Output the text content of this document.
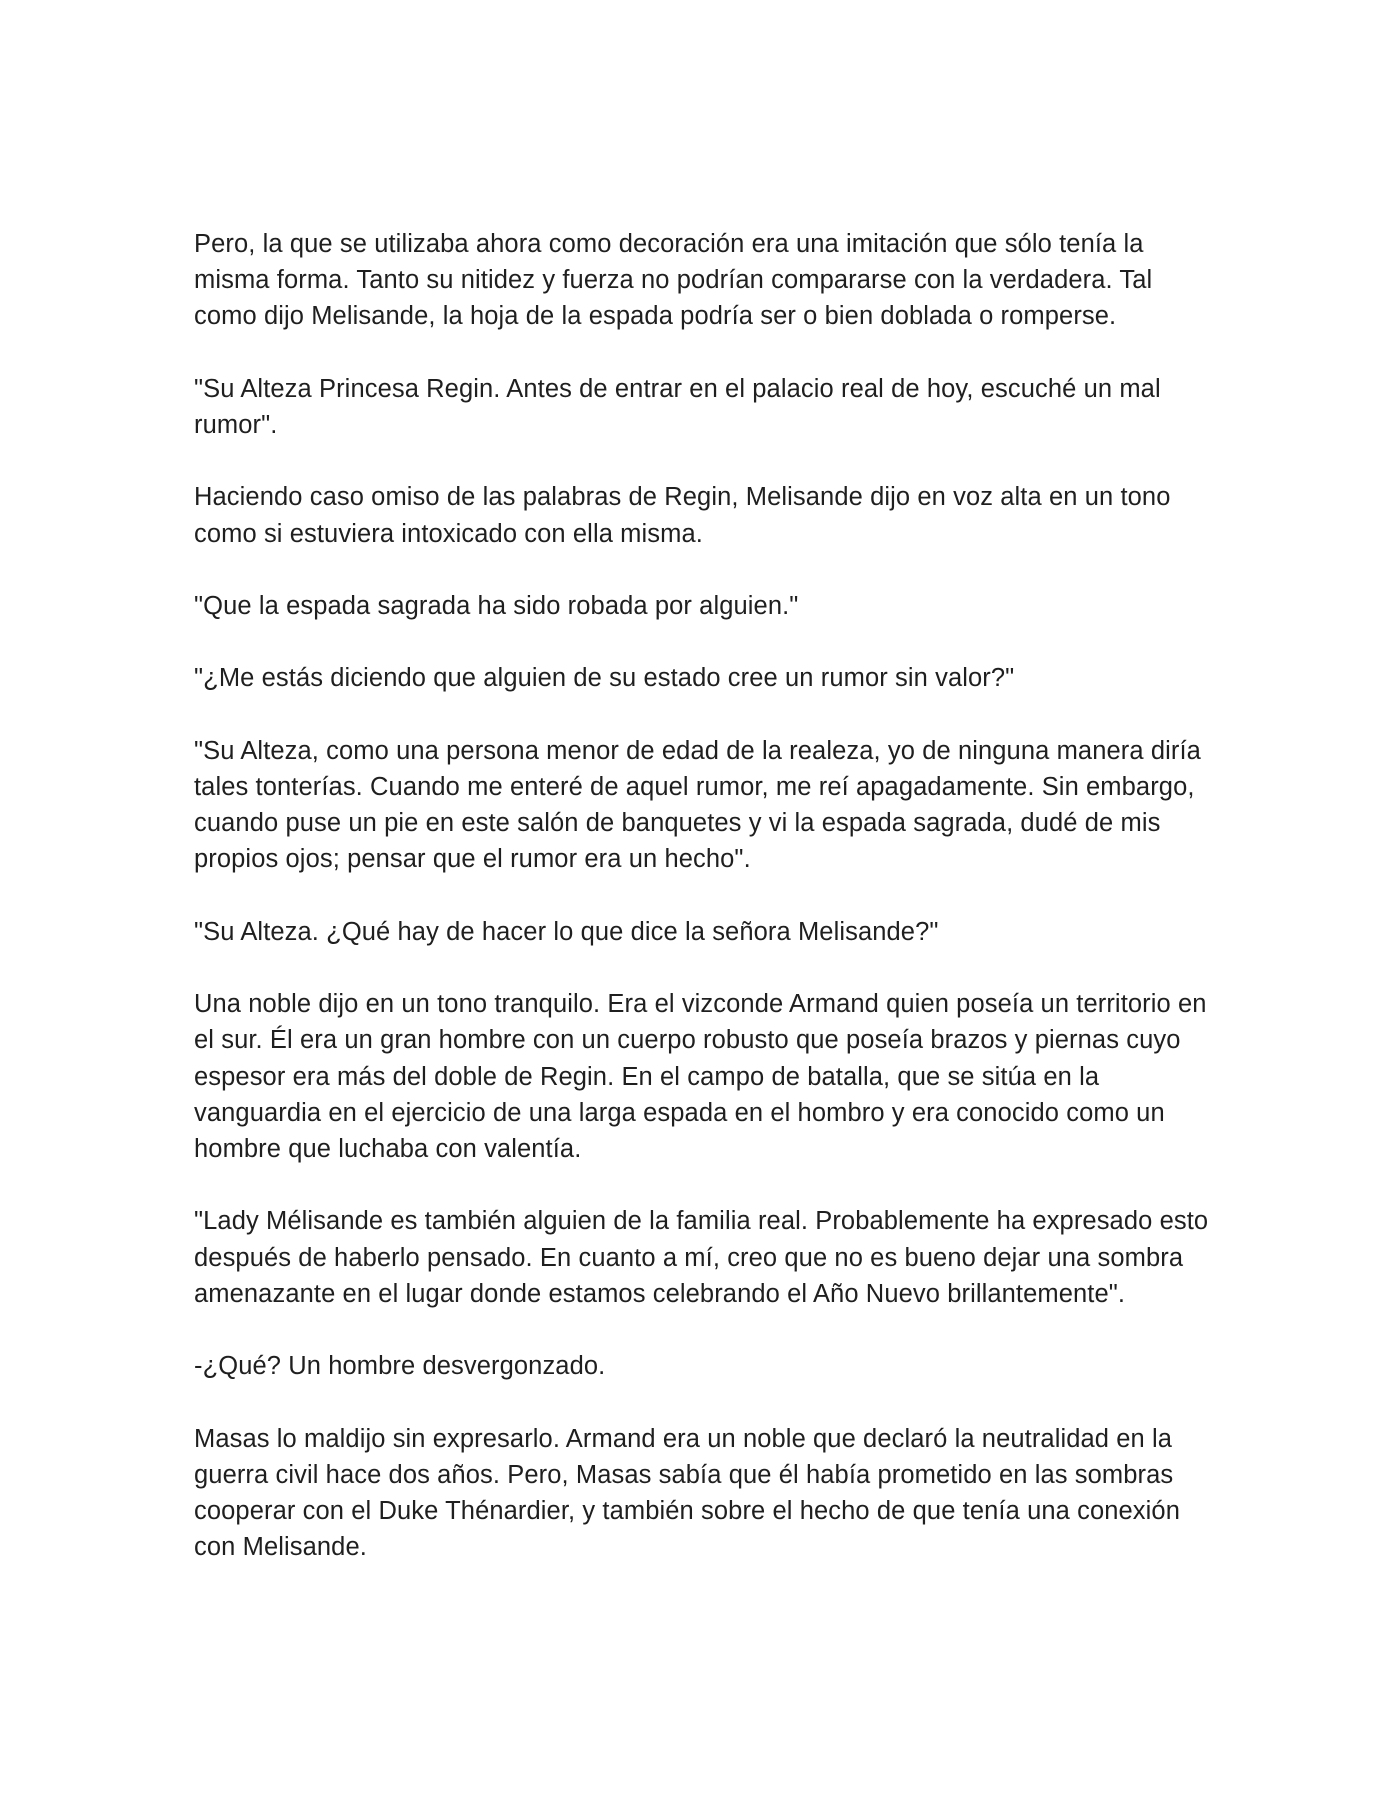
Pero, la que se utilizaba ahora como decoración era una imitación que sólo tenía la misma forma. Tanto su nitidez y fuerza no podrían compararse con la verdadera. Tal como dijo Melisande, la hoja de la espada podría ser o bien doblada o romperse.

"Su Alteza Princesa Regin. Antes de entrar en el palacio real de hoy, escuché un mal rumor".

Haciendo caso omiso de las palabras de Regin, Melisande dijo en voz alta en un tono como si estuviera intoxicado con ella misma.

"Que la espada sagrada ha sido robada por alguien."

"¿Me estás diciendo que alguien de su estado cree un rumor sin valor?"

"Su Alteza, como una persona menor de edad de la realeza, yo de ninguna manera diría tales tonterías. Cuando me enteré de aquel rumor, me reí apagadamente. Sin embargo, cuando puse un pie en este salón de banquetes y vi la espada sagrada, dudé de mis propios ojos; pensar que el rumor era un hecho".

"Su Alteza. ¿Qué hay de hacer lo que dice la señora Melisande?"

Una noble dijo en un tono tranquilo. Era el vizconde Armand quien poseía un territorio en el sur. Él era un gran hombre con un cuerpo robusto que poseía brazos y piernas cuyo espesor era más del doble de Regin. En el campo de batalla, que se sitúa en la vanguardia en el ejercicio de una larga espada en el hombro y era conocido como un hombre que luchaba con valentía.

"Lady Mélisande es también alguien de la familia real. Probablemente ha expresado esto después de haberlo pensado. En cuanto a mí, creo que no es bueno dejar una sombra amenazante en el lugar donde estamos celebrando el Año Nuevo brillantemente".

-¿Qué? Un hombre desvergonzado.

Masas lo maldijo sin expresarlo. Armand era un noble que declaró la neutralidad en la guerra civil hace dos años. Pero, Masas sabía que él había prometido en las sombras cooperar con el Duke Thénardier, y también sobre el hecho de que tenía una conexión con Melisande.
